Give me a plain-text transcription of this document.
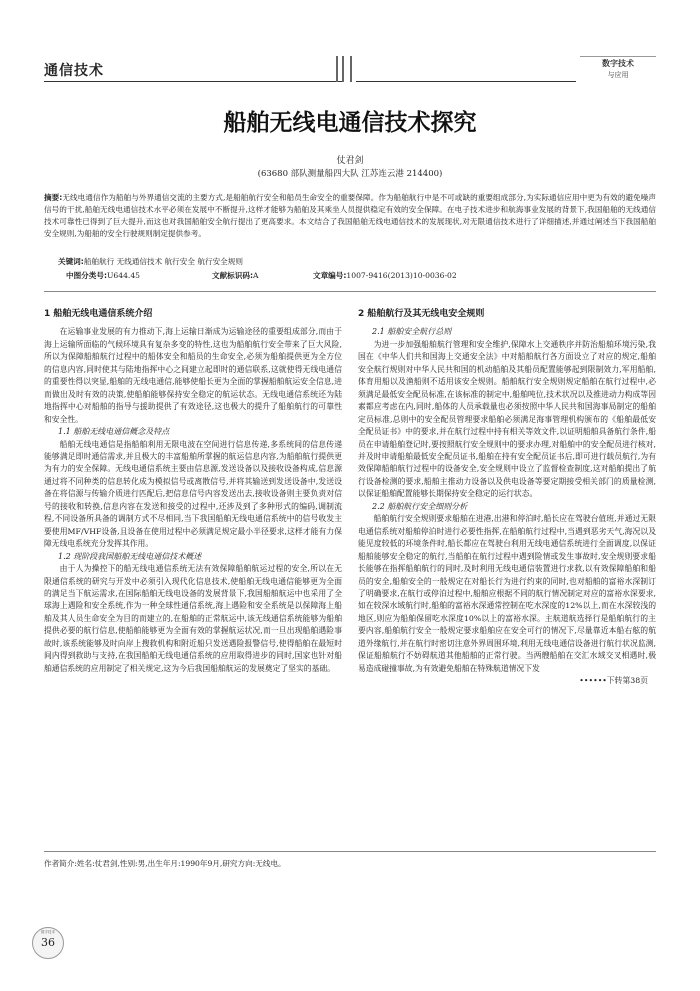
通信技术	数字技术
与应用
船舶无线电通信技术探究
仗君剑
(63680 部队测量船四大队 江苏连云港 214400)
摘要:无线电通信作为船舶与外界通信交流的主要方式,是船舶航行安全和船员生命安全的重要保障。作为船舶航行中是不可或缺的重要组成部分,为实际通信应用中更为有效的避免噪声信号的干扰,船舶无线电通信技术水平必须在发展中不断提升,这样才能够为船舶及其乘坐人员提供稳定有效的安全保障。在电子技术进步和航海事业发展的背景下,我国船舶的无线通信技术可靠性已得到了巨大提升,而这也对我国船舶安全航行提出了更高要求。本文结合了我国船舶无线电通信技术的发展现状,对无限通信技术进行了详细描述,并通过阐述当下我国船舶安全规则,为船舶的安全行驶规则制定提供参考。
关键词:船舶航行 无线通信技术 航行安全 航行安全规则
中图分类号:U644.45	文献标识码:A	文章编号:1007-9416(2013)10-0036-02
1 船舶无线电通信系统介绍

在运输事业发展的有力推动下,海上运输日渐成为运输途径的重要组成部分,而由于海上运输所面临的气候环境具有复杂多变的特性,这也为船舶航行安全带来了巨大风险,所以为保障船舶航行过程中的船体安全和船员的生命安全,必须为船舶提供更为全方位的信息内容,同时使其与陆地指挥中心之间建立起即时的通信联系,这就使得无线电通信的重要性得以突显,船舶的无线电通信,能够使船长更为全面的掌握船舶航运安全信息,进而做出及时有效的决策,使船舶能够保持安全稳定的航运状态。无线电通信系统还为陆地指挥中心对船舶的指导与援助提供了有效途径,这也极大的提升了船舶航行的可靠性和安全性。

1.1 船舶无线电通信概念及特点

船舶无线电通信是指船舶利用无限电波在空间进行信息传递,多系统间的信息传递能够满足即时通信需求,并且极大的丰富船舶所掌握的航运信息内容,为船舶航行提供更为有力的安全保障。无线电通信系统主要由信息源,发送设备以及接收设备构成,信息源通过将不同种类的信息转化成为模拟信号或离散信号,并将其输送到发送设备中,发送设备在将信源与传输介质进行匹配后,把信息信号内容发送出去,接收设备则主要负责对信号的接收和转换,信息内容在发送和接受的过程中,还涉及到了多种形式的编码,调制流程,不同设备所具备的调制方式不尽相同,当下我国船舶无线电通信系统中的信号收发主要使用MF/VHF设备,且设备在使用过程中必须满足规定最小半径要求,这样才能有力保障无线电系统充分发挥其作用。

1.2 现阶段我国船舶无线电通信技术概述

由于人为操控下的船无线电通信系统无法有效保障船舶航运过程的安全,所以在无限通信系统的研究与开发中必须引入现代化信息技术,使船舶无线电通信能够更为全面的满足当下航运需求,在国际船舶无线电设备的发展背景下,我国船舶航运中也采用了全球海上遇险和安全系统,作为一种全球性通信系统,海上遇险和安全系统是以保障海上船舶及其人员生命安全为目的而建立的,在船舶的正常航运中,该无线通信系统能够为船舶提供必要的航行信息,使船舶能够更为全面有效的掌握航运状况,而一旦出现船舶遇险事故时,该系统能够及时向岸上搜救机构和附近船只发送遇险报警信号,使得船舶在最短时间内得到救助与支持,在我国船舶无线电通信系统的应用取得进步的同时,国家也针对船舶通信系统的应用制定了相关规定,这为今后我国船舶航运的发展奠定了坚实的基础。

2 船舶航行及其无线电安全规则
2.1 船舶安全航行总则

为进一步加强船舶航行管理和安全维护,保障水上交通秩序并防治船舶环境污染,我国在《中华人们共和国海上交通安全法》中对船舶航行各方面设立了对应的规定,船舶安全航行规则对中华人民共和国的机动船舶及其船员配置能够起到限制效力,军用船舶,体育用船以及渔船则不适用该安全规则。船舶航行安全规则规定船舶在航行过程中,必须满足最低安全配员标准,在该标准的制定中,船舶吨位,技术状况以及推进动力构成等因素都应考虑在内,同时,船体的人员承载量也必须按照中华人民共和国海事局制定的船舶定员标准,总则中的安全配员管理要求船舶必须满足海事管理机构颁布的《船舶最低安全配员证书》中的要求,并在航行过程中持有相关等效文件,以证明船舶具备航行条件,船员在申请船舶登记时,要按照航行安全规则中的要求办理,对船舶中的安全配员进行核对,并及时申请船舶最低安全配员证书,船舶在持有安全配员证书后,即可进行载员航行,为有效保障船舶航行过程中的设备安全,安全规则中设立了监督检查制度,这对船舶提出了航行设备检测的要求,船舶主推动力设备以及供电设备等要定期接受相关部门的质量检测,以保证船舶配置能够长期保持安全稳定的运行状态。

2.2 船舶航行安全细则分析

船舶航行安全规则要求船舶在进港,出港和停泊时,船长应在驾驶台值班,并通过无限电通信系统对船舶停泊时进行必要性指挥,在船舶航行过程中,当遇到恶劣天气,海况以及能见度较低的环境条件时,船长都应在驾驶台利用无线电通信系统进行全面调度,以保证船舶能够安全稳定的航行,当船舶在航行过程中遇到险情或发生事故时,安全规则要求船长能够在指挥船舶航行的同时,及时利用无线电通信装置进行求救,以有效保障船舶和船员的安全,船舶安全的一般规定在对船长行为进行约束的同时,也对船舶的富裕水深制订了明确要求,在航行或停泊过程中,船舶应根据不同的航行情况制定对应的富裕水深要求,如在较深水域航行时,船舶的富裕水深通常控制在吃水深度的12%以上,而在水深较浅的地区,则应为船舶保留吃水深度10%以上的富裕水深。主航道航选择行是船舶航行的主要内容,船舶航行安全一般规定要求船舶应在安全可行的情况下,尽量靠近本船右舷的航道外缘航行,并在航行时密切注意外界周围环境,利用无线电通信设备进行航行状况监测,保证船舶航行不妨碍航道其他船舶的正常行驶。当两艘船舶在交汇水域交叉相遇时,极易造成碰撞事故,为有效避免船舶在特殊航道情况下发

••••••下转第38页
作者简介:姓名:仗君剑,性别:男,出生年月:1990年9月,研究方向:无线电。
数字技术
36
